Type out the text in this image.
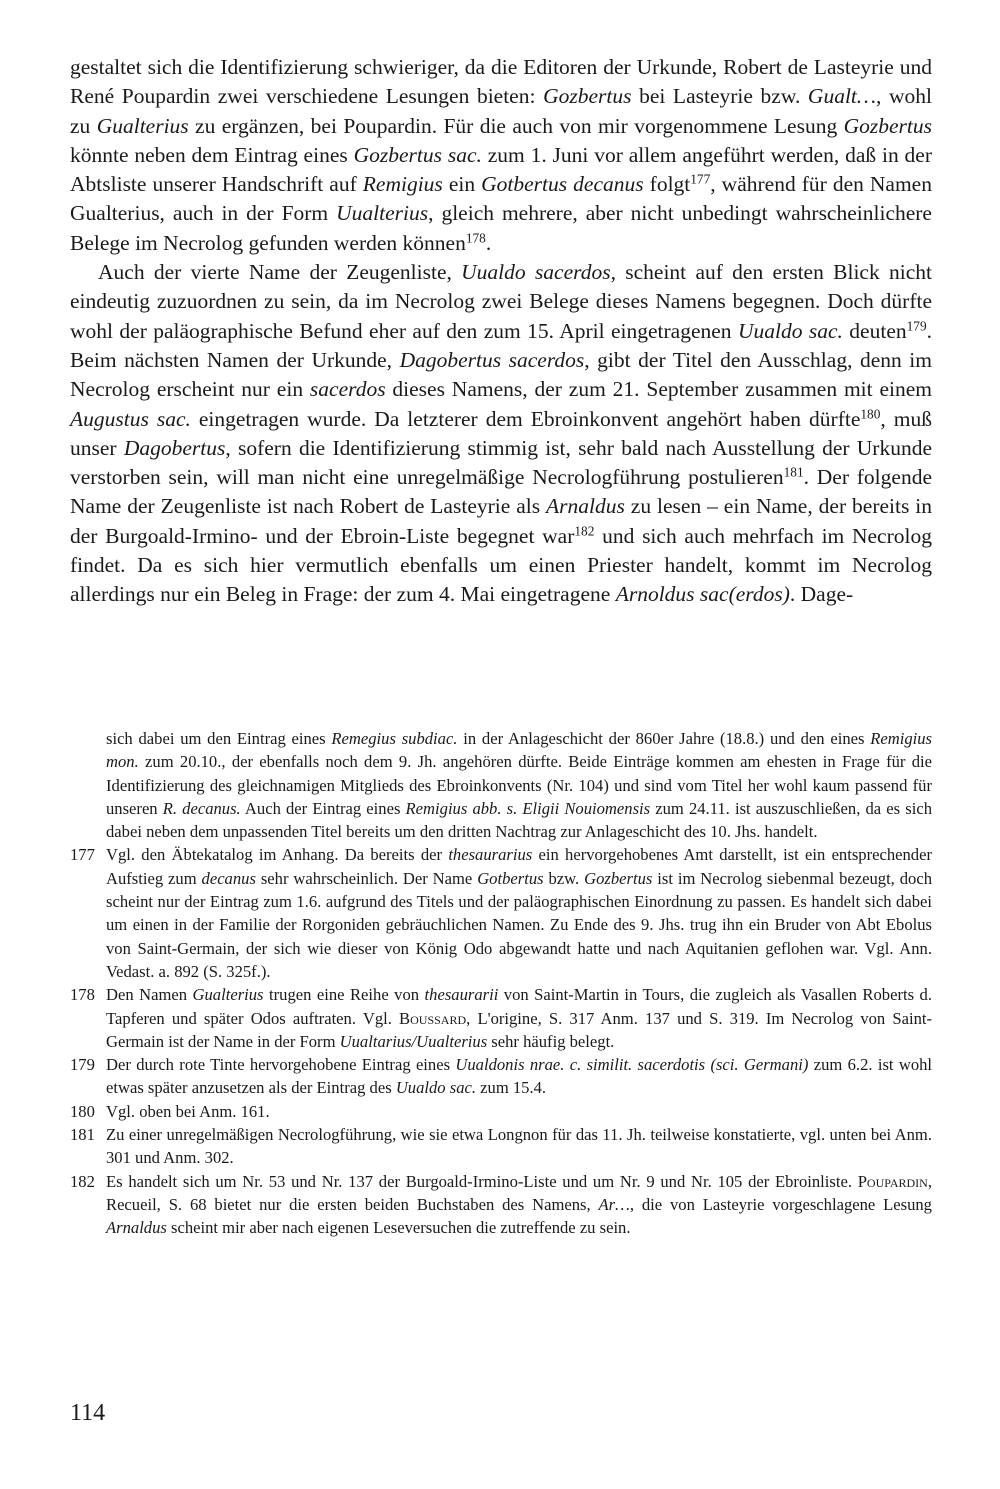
gestaltet sich die Identifizierung schwieriger, da die Editoren der Urkunde, Robert de Lasteyrie und René Poupardin zwei verschiedene Lesungen bieten: Gozbertus bei Lasteyrie bzw. Gualt…, wohl zu Gualterius zu ergänzen, bei Poupardin. Für die auch von mir vorgenommene Lesung Gozbertus könnte neben dem Eintrag eines Gozbertus sac. zum 1. Juni vor allem angeführt werden, daß in der Abtsliste unserer Handschrift auf Remigius ein Gotbertus decanus folgt$^{177}$, während für den Namen Gualterius, auch in der Form Uualterius, gleich mehrere, aber nicht unbedingt wahrscheinlichere Belege im Necrolog gefunden werden können$^{178}$.

Auch der vierte Name der Zeugenliste, Uualdo sacerdos, scheint auf den ersten Blick nicht eindeutig zuzuordnen zu sein, da im Necrolog zwei Belege dieses Namens begegnen. Doch dürfte wohl der paläographische Befund eher auf den zum 15. April eingetragenen Uualdo sac. deuten$^{179}$. Beim nächsten Namen der Urkunde, Dagobertus sacerdos, gibt der Titel den Ausschlag, denn im Necrolog erscheint nur ein sacerdos dieses Namens, der zum 21. September zusammen mit einem Augustus sac. eingetragen wurde. Da letzterer dem Ebroinkonvent angehört haben dürfte$^{180}$, muß unser Dagobertus, sofern die Identifizierung stimmig ist, sehr bald nach Ausstellung der Urkunde verstorben sein, will man nicht eine unregelmäßige Necrologführung postulieren$^{181}$. Der folgende Name der Zeugenliste ist nach Robert de Lasteyrie als Arnaldus zu lesen – ein Name, der bereits in der Burgoald-Irmino- und der Ebroin-Liste begegnet war$^{182}$ und sich auch mehrfach im Necrolog findet. Da es sich hier vermutlich ebenfalls um einen Priester handelt, kommt im Necrolog allerdings nur ein Beleg in Frage: der zum 4. Mai eingetragene Arnoldus sac(erdos). Dage-

sich dabei um den Eintrag eines Remegius subdiac. in der Anlageschicht der 860er Jahre (18.8.) und den eines Remigius mon. zum 20.10., der ebenfalls noch dem 9. Jh. angehören dürfte. Beide Einträge kommen am ehesten in Frage für die Identifizierung des gleichnamigen Mitglieds des Ebroinkonvents (Nr. 104) und sind vom Titel her wohl kaum passend für unseren R. decanus. Auch der Eintrag eines Remigius abb. s. Eligii Nouiomensis zum 24.11. ist auszuschließen, da es sich dabei neben dem unpassenden Titel bereits um den dritten Nachtrag zur Anlageschicht des 10. Jhs. handelt.
177 Vgl. den Äbtekatalog im Anhang. Da bereits der thesaurarius ein hervorgehobenes Amt darstellt, ist ein entsprechender Aufstieg zum decanus sehr wahrscheinlich. Der Name Gotbertus bzw. Gozbertus ist im Necrolog siebenmal bezeugt, doch scheint nur der Eintrag zum 1.6. aufgrund des Titels und der paläographischen Einordnung zu passen. Es handelt sich dabei um einen in der Familie der Rorgoniden gebräuchlichen Namen. Zu Ende des 9. Jhs. trug ihn ein Bruder von Abt Ebolus von Saint-Germain, der sich wie dieser von König Odo abgewandt hatte und nach Aquitanien geflohen war. Vgl. Ann. Vedast. a. 892 (S. 325f.).
178 Den Namen Gualterius trugen eine Reihe von thesaurarii von Saint-Martin in Tours, die zugleich als Vasallen Roberts d. Tapferen und später Odos auftraten. Vgl. Boussard, L'origine, S. 317 Anm. 137 und S. 319. Im Necrolog von Saint-Germain ist der Name in der Form Uualtarius/Uualterius sehr häufig belegt.
179 Der durch rote Tinte hervorgehobene Eintrag eines Uualdonis nrae. c. similit. sacerdotis (sci. Germani) zum 6.2. ist wohl etwas später anzusetzen als der Eintrag des Uualdo sac. zum 15.4.
180 Vgl. oben bei Anm. 161.
181 Zu einer unregelmäßigen Necrologführung, wie sie etwa Longnon für das 11. Jh. teilweise konstatierte, vgl. unten bei Anm. 301 und Anm. 302.
182 Es handelt sich um Nr. 53 und Nr. 137 der Burgoald-Irmino-Liste und um Nr. 9 und Nr. 105 der Ebroinliste. Poupardin, Recueil, S. 68 bietet nur die ersten beiden Buchstaben des Namens, Ar…, die von Lasteyrie vorgeschlagene Lesung Arnaldus scheint mir aber nach eigenen Leseversuchen die zutreffende zu sein.
114
